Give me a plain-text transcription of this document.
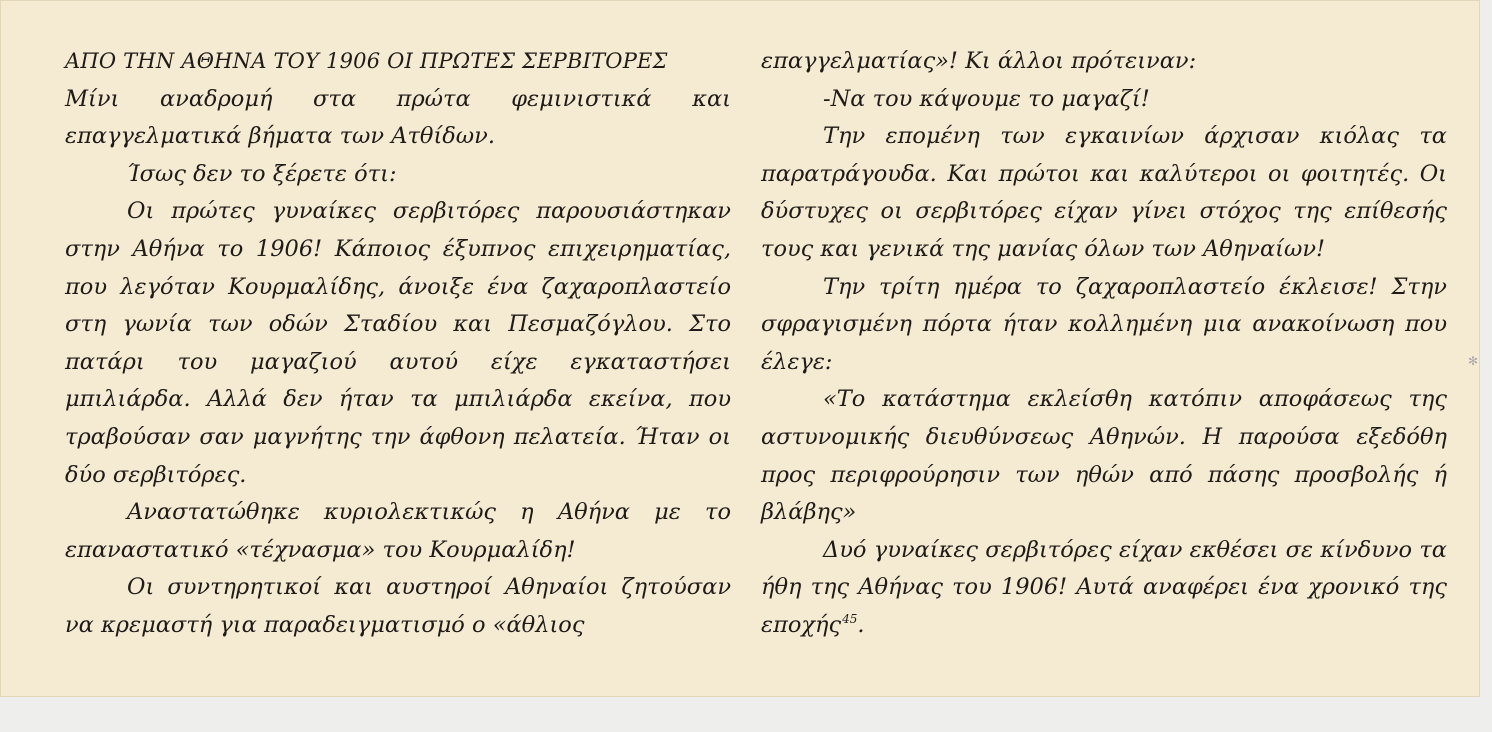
ΑΠΟ ΤΗΝ ΑΘΗΝΑ ΤΟΥ 1906 ΟΙ ΠΡΩΤΕΣ ΣΕΡΒΙΤΟΡΕΣ

Μίνι αναδρομή στα πρώτα φεμινιστικά και επαγγελματικά βήματα των Ατθίδων.

Ίσως δεν το ξέρετε ότι:

Οι πρώτες γυναίκες σερβιτόρες παρουσιάστηκαν στην Αθήνα το 1906! Κάποιος έξυπνος επιχειρηματίας, που λεγόταν Κουρμαλίδης, άνοιξε ένα ζαχαροπλαστείο στη γωνία των οδών Σταδίου και Πεσμαζόγλου. Στο πατάρι του μαγαζιού αυτού είχε εγκαταστήσει μπιλιάρδα. Αλλά δεν ήταν τα μπιλιάρδα εκείνα, που τραβούσαν σαν μαγνήτης την άφθονη πελατεία. Ήταν οι δύο σερβιτόρες.

Αναστατώθηκε κυριολεκτικώς η Αθήνα με το επαναστατικό «τέχνασμα» του Κουρμαλίδη!

Οι συντηρητικοί και αυστηροί Αθηναίοι ζητούσαν να κρεμαστή για παραδειγματισμό ο «άθλιος

επαγγελματίας»! Κι άλλοι πρότειναν:

-Να του κάψουμε το μαγαζί!

Την επομένη των εγκαινίων άρχισαν κιόλας τα παρατράγουδα. Και πρώτοι και καλύτεροι οι φοιτητές. Οι δύστυχες οι σερβιτόρες είχαν γίνει στόχος της επίθεσής τους και γενικά της μανίας όλων των Αθηναίων!

Την τρίτη ημέρα το ζαχαροπλαστείο έκλεισε! Στην σφραγισμένη πόρτα ήταν κολλημένη μια ανακοίνωση που έλεγε:

«Το κατάστημα εκλείσθη κατόπιν αποφάσεως της αστυνομικής διευθύνσεως Αθηνών. Η παρούσα εξεδόθη προς περιφρούρησιν των ηθών από πάσης προσβολής ή βλάβης»

Δυό γυναίκες σερβιτόρες είχαν εκθέσει σε κίνδυνο τα ήθη της Αθήνας του 1906! Αυτά αναφέρει ένα χρονικό της εποχής$^{45}$.

✻
